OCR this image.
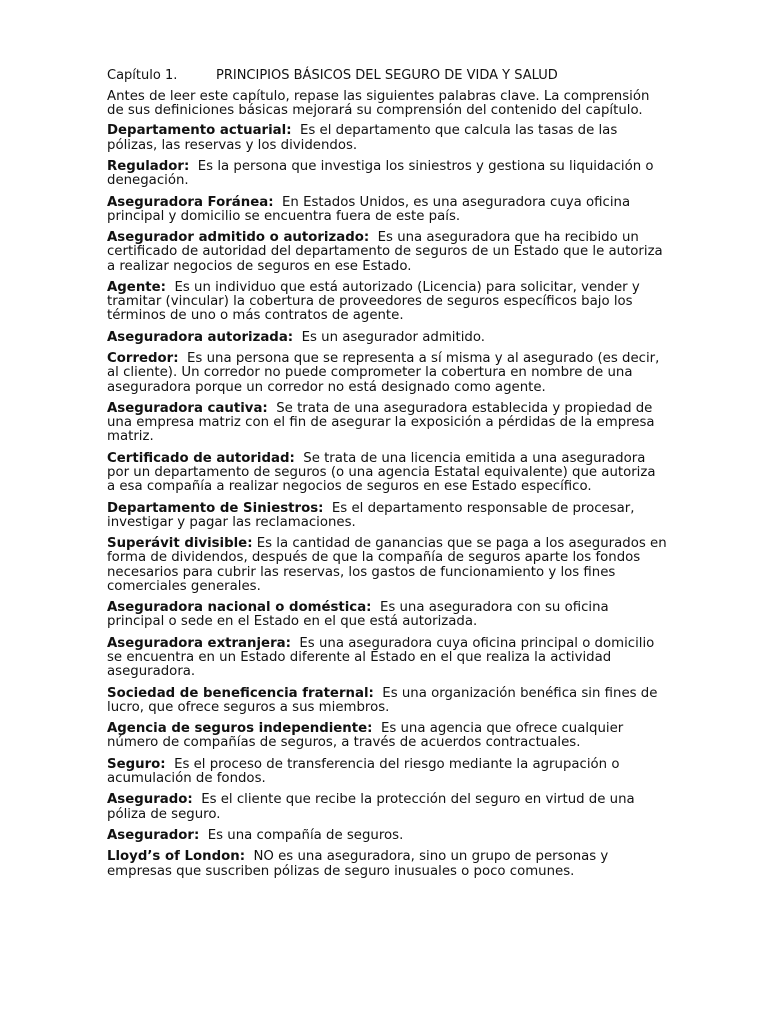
Capítulo 1.	PRINCIPIOS BÁSICOS DEL SEGURO DE VIDA Y SALUD

Antes de leer este capítulo, repase las siguientes palabras clave. La comprensión de sus definiciones básicas mejorará su comprensión del contenido del capítulo.

Departamento actuarial: Es el departamento que calcula las tasas de las pólizas, las reservas y los dividendos.

Regulador: Es la persona que investiga los siniestros y gestiona su liquidación o denegación.

Aseguradora Foránea: En Estados Unidos, es una aseguradora cuya oficina principal y domicilio se encuentra fuera de este país.

Asegurador admitido o autorizado: Es una aseguradora que ha recibido un certificado de autoridad del departamento de seguros de un Estado que le autoriza a realizar negocios de seguros en ese Estado.

Agente: Es un individuo que está autorizado (Licencia) para solicitar, vender y tramitar (vincular) la cobertura de proveedores de seguros específicos bajo los términos de uno o más contratos de agente.

Aseguradora autorizada: Es un asegurador admitido.

Corredor: Es una persona que se representa a sí misma y al asegurado (es decir, al cliente). Un corredor no puede comprometer la cobertura en nombre de una aseguradora porque un corredor no está designado como agente.

Aseguradora cautiva: Se trata de una aseguradora establecida y propiedad de una empresa matriz con el fin de asegurar la exposición a pérdidas de la empresa matriz.

Certificado de autoridad: Se trata de una licencia emitida a una aseguradora por un departamento de seguros (o una agencia Estatal equivalente) que autoriza a esa compañía a realizar negocios de seguros en ese Estado específico.

Departamento de Siniestros: Es el departamento responsable de procesar, investigar y pagar las reclamaciones.

Superávit divisible: Es la cantidad de ganancias que se paga a los asegurados en forma de dividendos, después de que la compañía de seguros aparte los fondos necesarios para cubrir las reservas, los gastos de funcionamiento y los fines comerciales generales.

Aseguradora nacional o doméstica: Es una aseguradora con su oficina principal o sede en el Estado en el que está autorizada.

Aseguradora extranjera: Es una aseguradora cuya oficina principal o domicilio se encuentra en un Estado diferente al Estado en el que realiza la actividad aseguradora.

Sociedad de beneficencia fraternal: Es una organización benéfica sin fines de lucro, que ofrece seguros a sus miembros.

Agencia de seguros independiente: Es una agencia que ofrece cualquier número de compañías de seguros, a través de acuerdos contractuales.

Seguro: Es el proceso de transferencia del riesgo mediante la agrupación o acumulación de fondos.

Asegurado: Es el cliente que recibe la protección del seguro en virtud de una póliza de seguro.

Asegurador: Es una compañía de seguros.

Lloyd’s of London: NO es una aseguradora, sino un grupo de personas y empresas que suscriben pólizas de seguro inusuales o poco comunes.
